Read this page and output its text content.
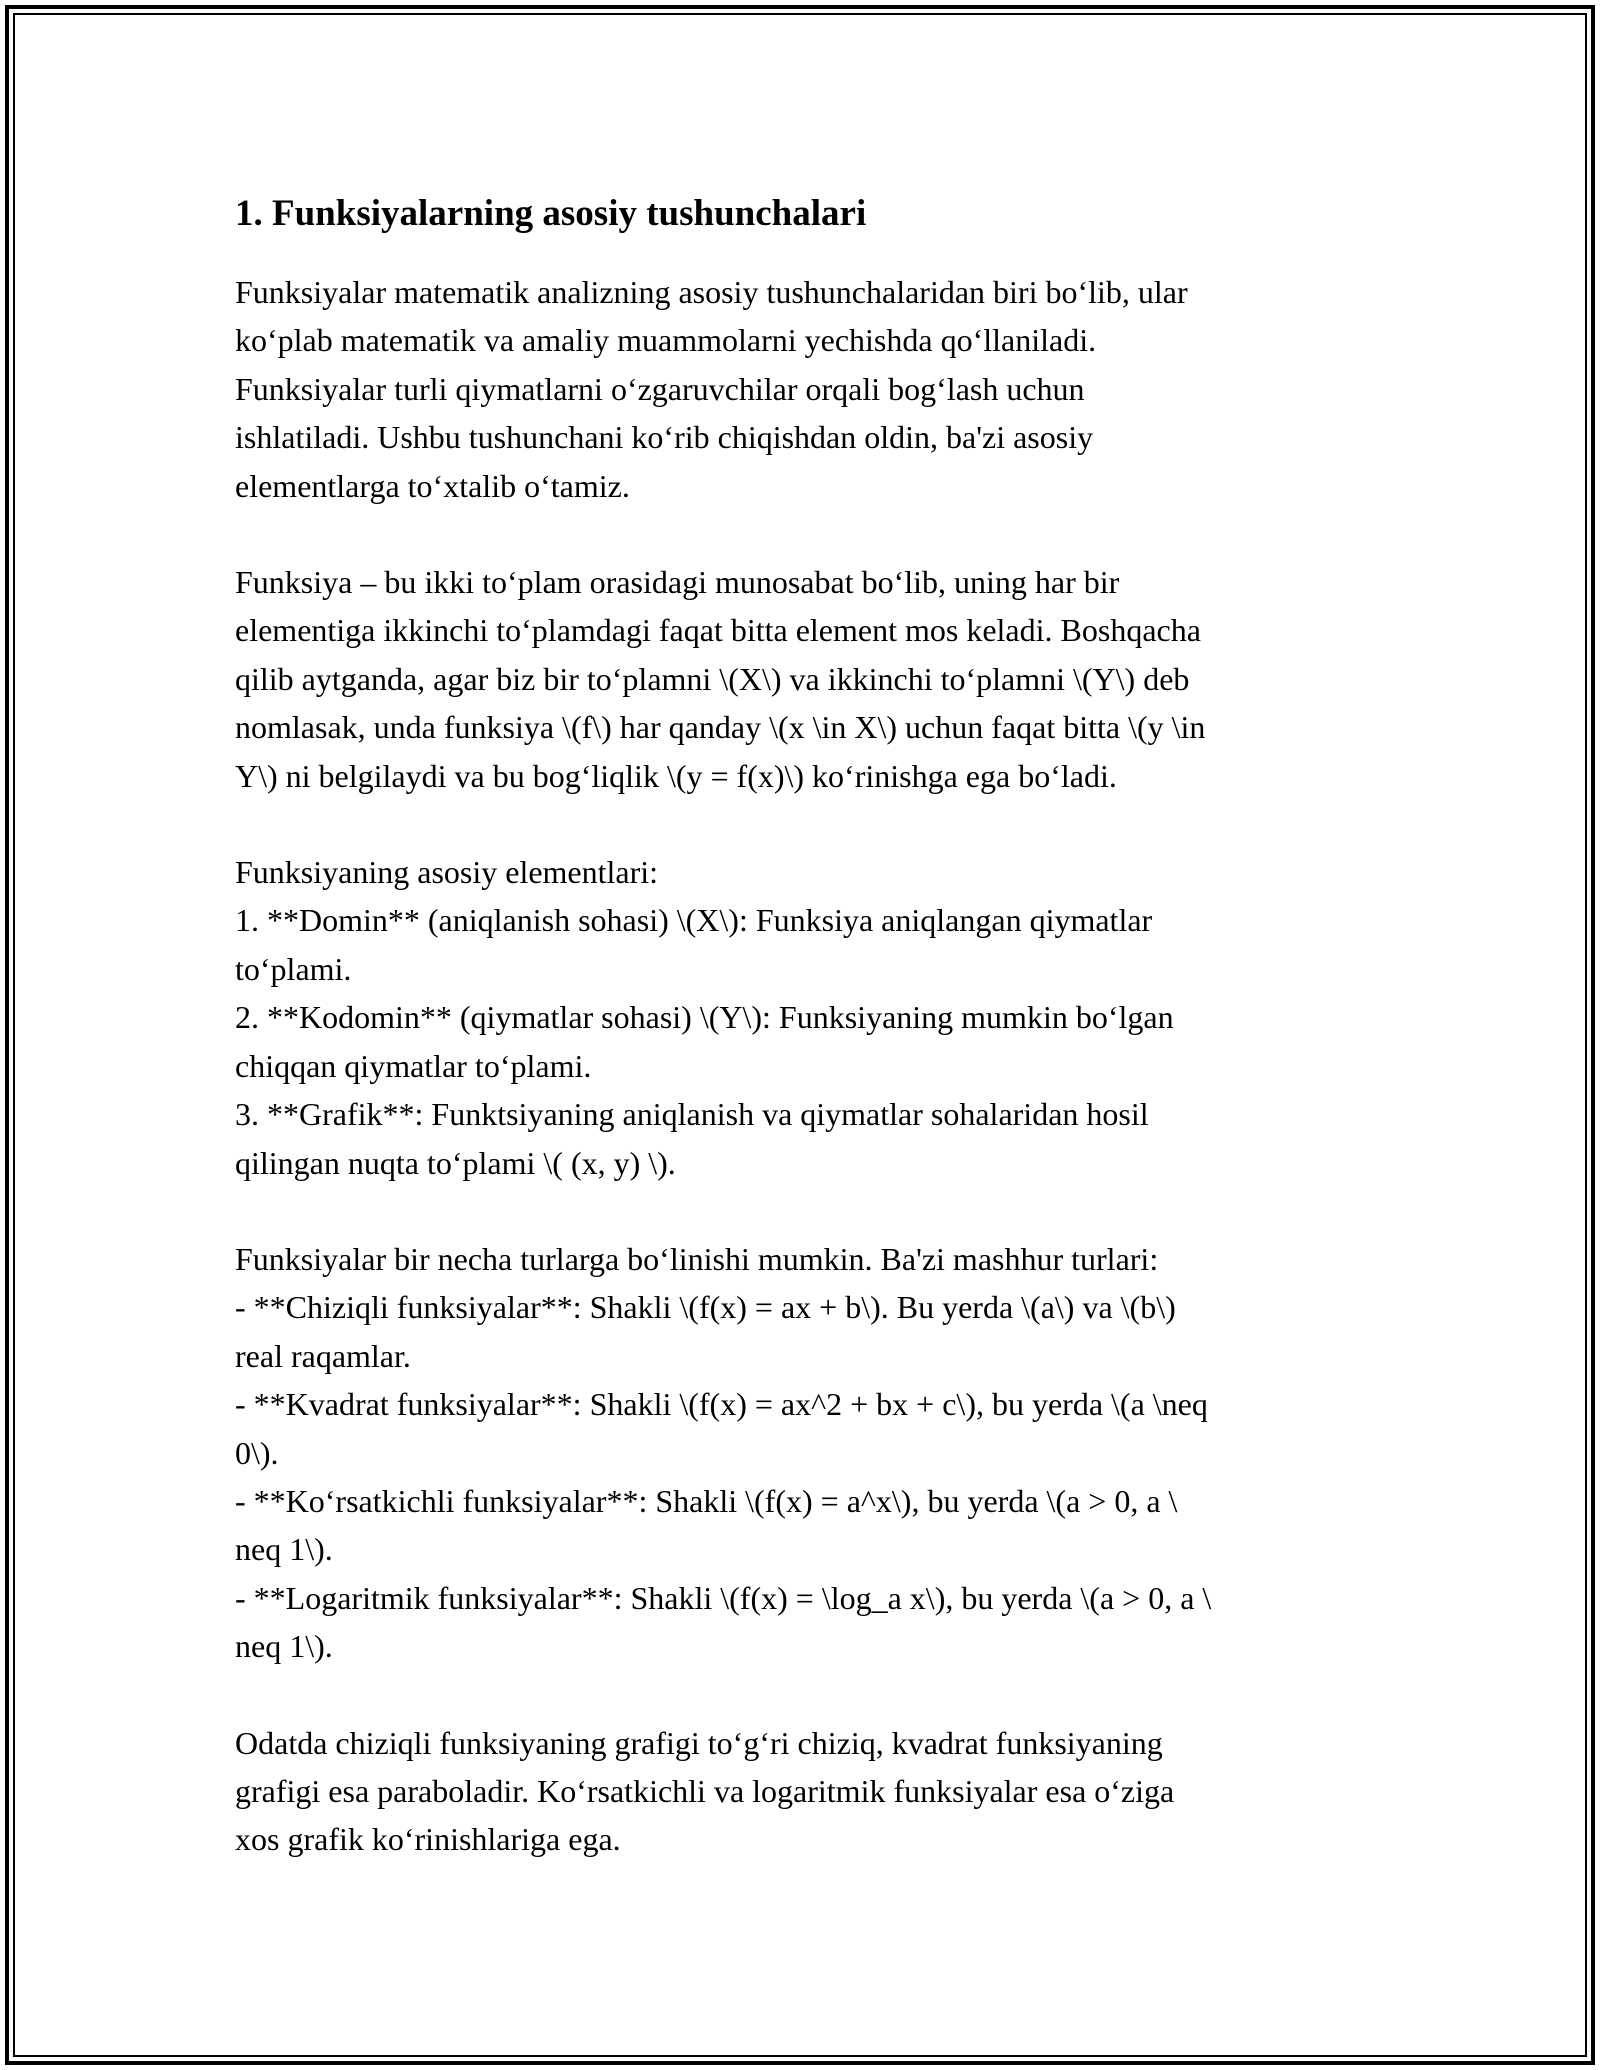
1. Funksiyalarning asosiy tushunchalari
Funksiyalar matematik analizning asosiy tushunchalaridan biri bo‘lib, ular
ko‘plab matematik va amaliy muammolarni yechishda qo‘llaniladi.
Funksiyalar turli qiymatlarni o‘zgaruvchilar orqali bog‘lash uchun
ishlatiladi. Ushbu tushunchani ko‘rib chiqishdan oldin, ba'zi asosiy
elementlarga to‘xtalib o‘tamiz.
Funksiya – bu ikki to‘plam orasidagi munosabat bo‘lib, uning har bir
elementiga ikkinchi to‘plamdagi faqat bitta element mos keladi. Boshqacha
qilib aytganda, agar biz bir to‘plamni \(X\) va ikkinchi to‘plamni \(Y\) deb
nomlasak, unda funksiya \(f\) har qanday \(x \in X\) uchun faqat bitta \(y \in
Y\) ni belgilaydi va bu bog‘liqlik \(y = f(x)\) ko‘rinishga ega bo‘ladi.
Funksiyaning asosiy elementlari:
1. **Domin** (aniqlanish sohasi) \(X\): Funksiya aniqlangan qiymatlar
to‘plami.
2. **Kodomin** (qiymatlar sohasi) \(Y\): Funksiyaning mumkin bo‘lgan
chiqqan qiymatlar to‘plami.
3. **Grafik**: Funktsiyaning aniqlanish va qiymatlar sohalaridan hosil
qilingan nuqta to‘plami \( (x, y) \).
Funksiyalar bir necha turlarga bo‘linishi mumkin. Ba'zi mashhur turlari:
- **Chiziqli funksiyalar**: Shakli \(f(x) = ax + b\). Bu yerda \(a\) va \(b\)
real raqamlar.
- **Kvadrat funksiyalar**: Shakli \(f(x) = ax^2 + bx + c\), bu yerda \(a \neq
0\).
- **Ko‘rsatkichli funksiyalar**: Shakli \(f(x) = a^x\), bu yerda \(a > 0, a \
neq 1\).
- **Logaritmik funksiyalar**: Shakli \(f(x) = \log_a x\), bu yerda \(a > 0, a \
neq 1\).
Odatda chiziqli funksiyaning grafigi to‘g‘ri chiziq, kvadrat funksiyaning
grafigi esa paraboladir. Ko‘rsatkichli va logaritmik funksiyalar esa o‘ziga
xos grafik ko‘rinishlariga ega.
